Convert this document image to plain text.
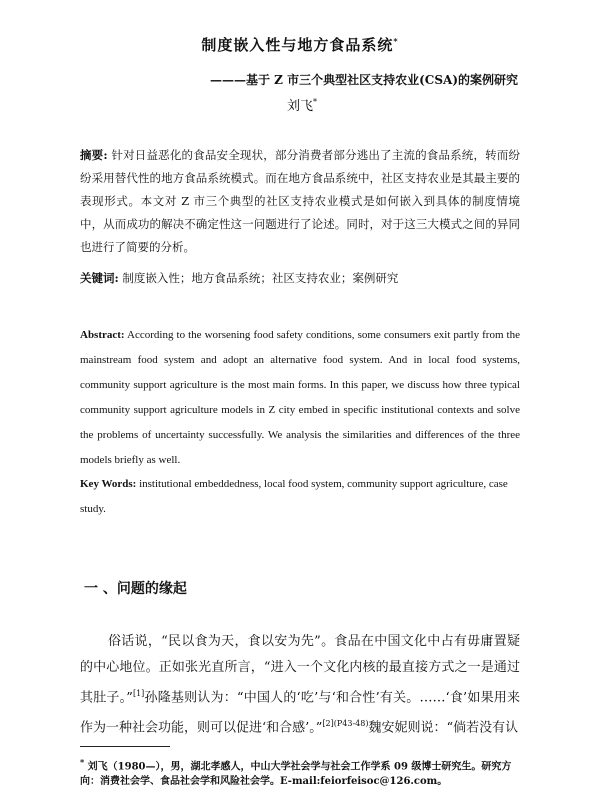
制度嵌入性与地方食品系统*
———基于 Z 市三个典型社区支持农业(CSA)的案例研究
刘飞*
摘要: 针对日益恶化的食品安全现状，部分消费者部分逃出了主流的食品系统，转而纷纷采用替代性的地方食品系统模式。而在地方食品系统中，社区支持农业是其最主要的表现形式。本文对 Z 市三个典型的社区支持农业模式是如何嵌入到具体的制度情境中，从而成功的解决不确定性这一问题进行了论述。同时，对于这三大模式之间的异同也进行了简要的分析。
关键词: 制度嵌入性；地方食品系统；社区支持农业；案例研究
Abstract: According to the worsening food safety conditions, some consumers exit partly from the mainstream food system and adopt an alternative food system. And in local food systems, community support agriculture is the most main forms. In this paper, we discuss how three typical community support agriculture models in Z city embed in specific institutional contexts and solve the problems of uncertainty successfully. We analysis the similarities and differences of the three models briefly as well.
Key Words: institutional embeddedness, local food system, community support agriculture, case study.
一 、问题的缘起
俗话说，“民以食为天，食以安为先”。食品在中国文化中占有毋庸置疑的中心地位。正如张光直所言，“进入一个文化内核的最直接方式之一是通过其肚子。”[1]孙隆基则认为：“中国人的‘吃’与‘和合性’有关。……‘食’如果用来作为一种社会功能，则可以促进‘和合感’。”$^{[2](P43-48)}$魏安妮则说：“倘若没有认
* 刘飞（1980—），男，湖北孝感人，中山大学社会学与社会工作学系 09 级博士研究生。研究方向：消费社会学、食品社会学和风险社会学。E-mail:feiorfeisoc@126.com。
